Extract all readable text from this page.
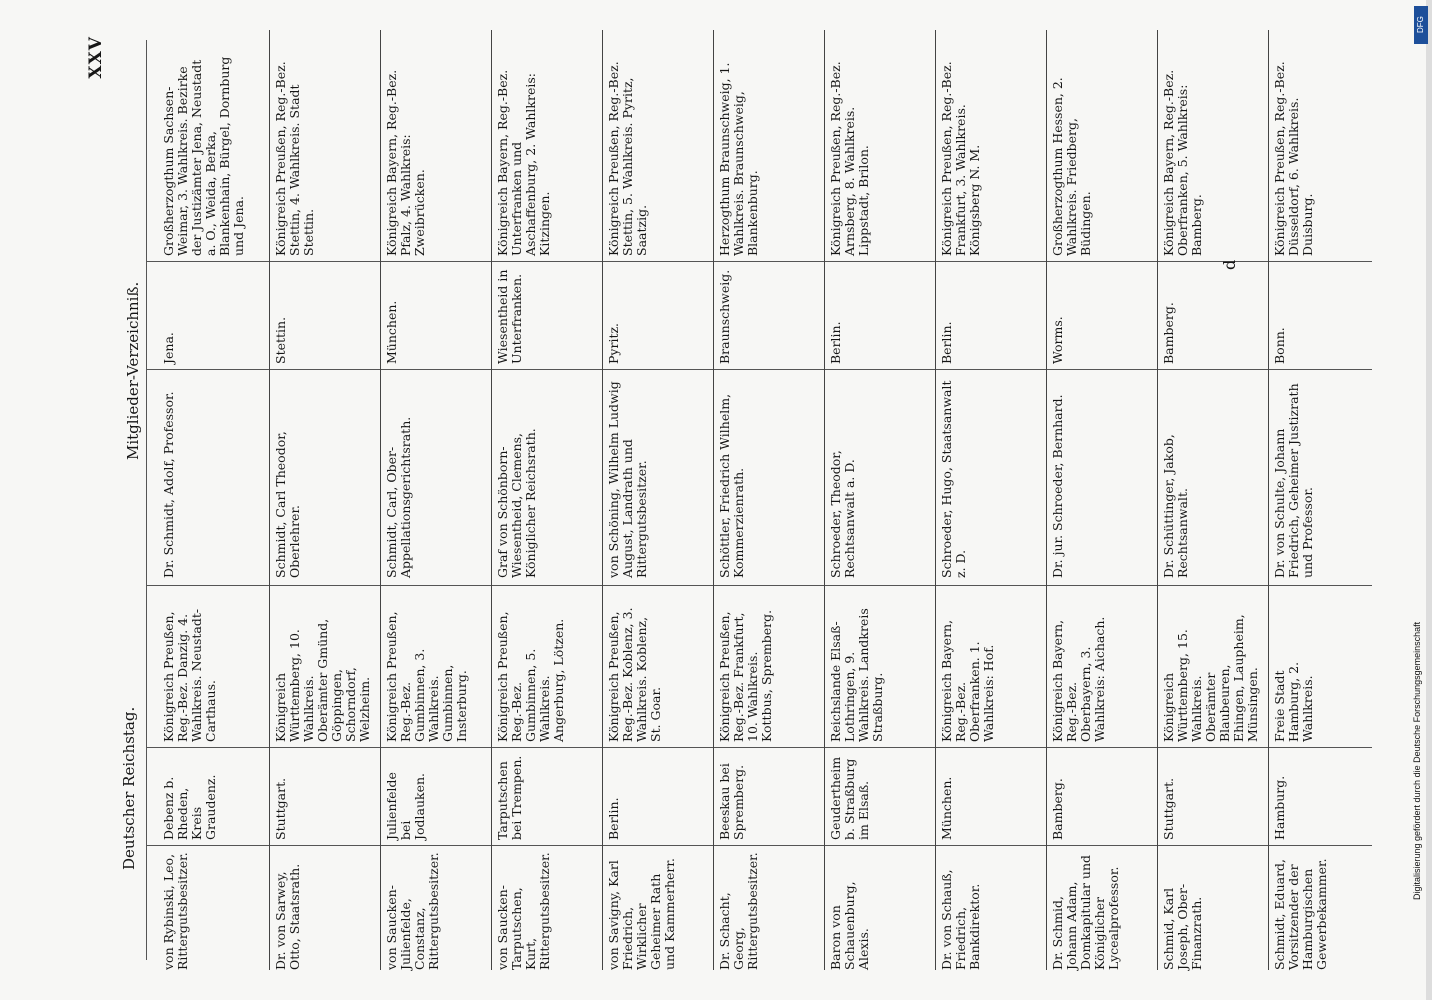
Deutscher Reichstag.
Mitglieder-Verzeichniß.
XXV
von Rybinski, Leo, Rittergutsbesitzer.
Debenz b. Rheden, Kreis Graudenz.
Königreich Preußen, Reg.-Bez. Danzig. 4. Wahlkreis. Neustadt-Carthaus.
Dr. Schmidt, Adolf, Professor.
Jena.
Großherzogthum Sachsen-Weimar, 3. Wahlkreis. Bezirke der Justizämter Jena, Neustadt a. O., Weida, Berka, Blankenhain, Bürgel, Dornburg und Jena.
Dr. von Sarwey, Otto, Staatsrath.
Stuttgart.
Königreich Württemberg, 10. Wahlkreis. Oberämter Gmünd, Göppingen, Schorndorf, Welzheim.
Schmidt, Carl Theodor, Oberlehrer.
Stettin.
Königreich Preußen, Reg.-Bez. Stettin, 4. Wahlkreis. Stadt Stettin.
von Saucken-Julienfelde, Constanz, Rittergutsbesitzer.
Julienfelde bei Jodlauken.
Königreich Preußen, Reg.-Bez. Gumbinnen, 3. Wahlkreis. Gumbinnen, Insterburg.
Schmidt, Carl, Ober-Appellationsgerichtsrath.
München.
Königreich Bayern, Reg.-Bez. Pfalz, 4. Wahlkreis: Zweibrücken.
von Saucken-Tarputschen, Kurt, Rittergutsbesitzer.
Tarputschen bei Trempen.
Königreich Preußen, Reg.-Bez. Gumbinnen, 5. Wahlkreis. Angerburg, Lötzen.
Graf von Schönborn-Wiesentheid, Clemens, Königlicher Reichsrath.
Wiesentheid in Unterfranken.
Königreich Bayern, Reg.-Bez. Unterfranken und Aschaffenburg, 2. Wahlkreis: Kitzingen.
von Savigny, Karl Friedrich, Wirklicher Geheimer Rath und Kammerherr.
Berlin.
Königreich Preußen, Reg.-Bez. Koblenz, 3. Wahlkreis. Koblenz, St. Goar.
von Schöning, Wilhelm Ludwig August, Landrath und Rittergutsbesitzer.
Pyritz.
Königreich Preußen, Reg.-Bez. Stettin, 5. Wahlkreis. Pyritz, Saatzig.
Dr. Schacht, Georg, Rittergutsbesitzer.
Beeskau bei Spremberg.
Königreich Preußen, Reg.-Bez. Frankfurt, 10. Wahlkreis. Kottbus, Spremberg.
Schöttler, Friedrich Wilhelm, Kommerzienrath.
Braunschweig.
Herzogthum Braunschweig, 1. Wahlkreis. Braunschweig, Blankenburg.
Baron von Schauenburg, Alexis.
Geudertheim b. Straßburg im Elsaß.
Reichslande Elsaß-Lothringen, 9. Wahlkreis. Landkreis Straßburg.
Schroeder, Theodor, Rechtsanwalt a. D.
Berlin.
Königreich Preußen, Reg.-Bez. Arnsberg, 8. Wahlkreis. Lippstadt, Brilon.
Dr. von Schauß, Friedrich, Bankdirektor.
München.
Königreich Bayern, Reg.-Bez. Oberfranken. 1. Wahlkreis: Hof.
Schroeder, Hugo, Staatsanwalt z. D.
Berlin.
Königreich Preußen, Reg.-Bez. Frankfurt, 3. Wahlkreis. Königsberg N. M.
Dr. Schmid, Johann Adam, Domkapitular und Königlicher Lycealprofessor.
Bamberg.
Königreich Bayern, Reg.-Bez. Oberbayern, 3. Wahlkreis: Aichach.
Dr. jur. Schroeder, Bernhard.
Worms.
Großherzogthum Hessen, 2. Wahlkreis. Friedberg, Büdingen.
Schmid, Karl Joseph, Ober-Finanzrath.
Stuttgart.
Königreich Württemberg, 15. Wahlkreis. Oberämter Blaubeuren, Ehingen, Laupheim, Münsingen.
Dr. Schüttinger, Jakob, Rechtsanwalt.
Bamberg.
Königreich Bayern, Reg.-Bez. Oberfranken, 5. Wahlkreis: Bamberg.
Schmidt, Eduard, Vorsitzender der Hamburgischen Gewerbekammer.
Hamburg.
Freie Stadt Hamburg, 2. Wahlkreis.
Dr. von Schulte, Johann Friedrich, Geheimer Justizrath und Professor.
Bonn.
Königreich Preußen, Reg.-Bez. Düsseldorf, 6. Wahlkreis. Duisburg.
d
DFG
Digitalisierung gefördert durch die Deutsche Forschungsgemeinschaft
